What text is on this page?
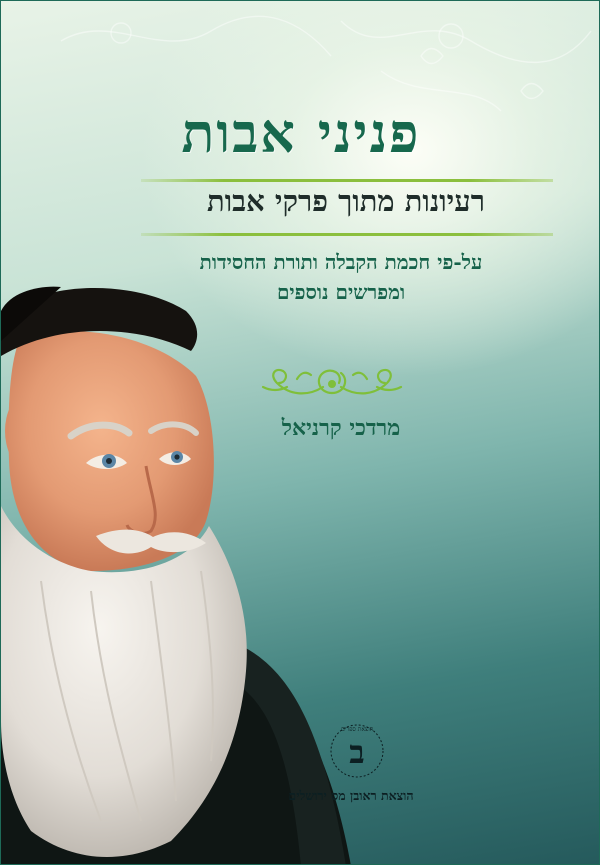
פניני אבות
רעיונות מתוך פרקי אבות
על-פי חכמת הקבלה ותורת החסידות
ומפרשים נוספים
מרדכי קרניאל
ב
הוצאת ספרים
הוצאת ראובן מס ירושלים
